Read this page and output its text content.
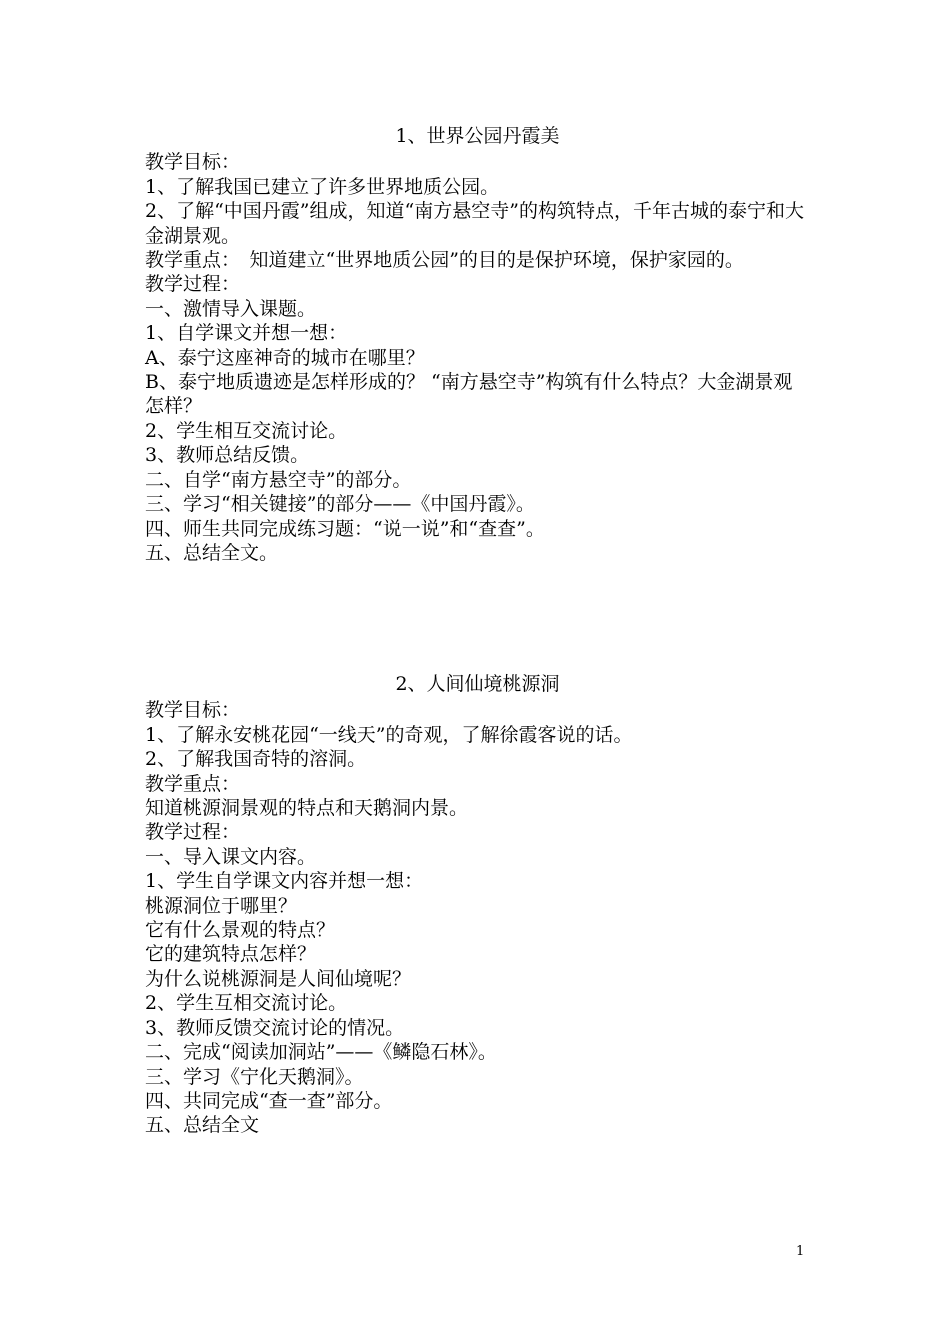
1、世界公园丹霞美
教学目标：
1、了解我国已建立了许多世界地质公园。
2、了解“中国丹霞”组成，知道“南方悬空寺”的构筑特点，千年古城的泰宁和大金湖景观。
教学重点：　知道建立“世界地质公园”的目的是保护环境，保护家园的。
教学过程：
一、激情导入课题。
1、自学课文并想一想：
A、泰宁这座神奇的城市在哪里？
B、泰宁地质遗迹是怎样形成的？ “南方悬空寺”构筑有什么特点？大金湖景观怎样？
2、学生相互交流讨论。
3、教师总结反馈。
二、自学“南方悬空寺”的部分。
三、学习“相关键接”的部分——《中国丹霞》。
四、师生共同完成练习题：“说一说”和“查查”。
五、总结全文。
2、人间仙境桃源洞
教学目标：
1、了解永安桃花园“一线天”的奇观，了解徐霞客说的话。
2、了解我国奇特的溶洞。
教学重点：
知道桃源洞景观的特点和天鹅洞内景。
教学过程：
一、导入课文内容。
1、学生自学课文内容并想一想：
桃源洞位于哪里？
它有什么景观的特点？
它的建筑特点怎样？
为什么说桃源洞是人间仙境呢？
2、学生互相交流讨论。
3、教师反馈交流讨论的情况。
二、完成“阅读加洞站”——《鳞隐石林》。
三、学习《宁化天鹅洞》。
四、共同完成“查一查”部分。
五、总结全文
1
